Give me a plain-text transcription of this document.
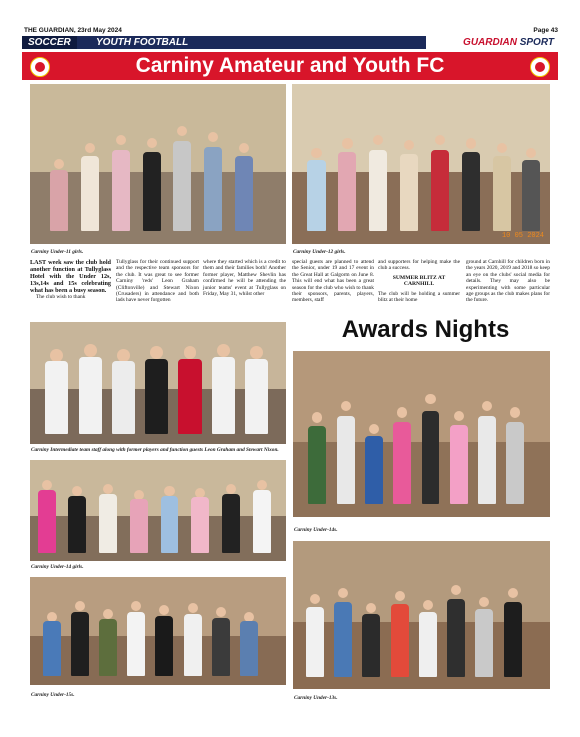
THE GUARDIAN, 23rd May 2024	Page 43
SOCCER	YOUTH FOOTBALL	GUARDIAN SPORT
Carniny Amateur and Youth FC
Carniny Under-11 girls.
10 05 2024
Carniny Under-12 girls.

LAST week saw the club hold another function at Tullyglass Hotel with the Under 12s, 13s,14s and 15s celebrating what has been a busy season.

The club wish to thank

Tullyglass for their continued support and the respective team sponsors for the club. It was great to see former Carniny 'reds' Leon Graham (Cliftonville) and Stewart Nixon (Crusaders) in attendance and both lads have never forgotten
where they started which is a credit to them and their families both! Another former player, Matthew Shevlin has confirmed he will be attending the junior teams' event at Tullyglass on Friday, May 31, whilst other
special guests are planned to attend the Senior, under 19 and 17 event in the Great Hall at Galgorm on June 8. This will end what has been a great season for the club who wish to thank their sponsors, parents, players, members, staff

and supporters for helping make the club a success.

SUMMER BLITZ AT CARNHILL

The club will be holding a summer blitz at their home

ground at Carnhill for children born in the years 2020, 2019 and 2018 so keep an eye on the clubs' social media for details. They may also be experimenting with some particular age groups as the club makes plans for the future.
Carniny Intermediate team staff along with former players and function guests Leon Graham and Stewart Nixon.
Awards Nights
Carniny Under-14s.
Carniny Under-14 girls.
Carniny Under-15s.	Carniny Under-13s.
